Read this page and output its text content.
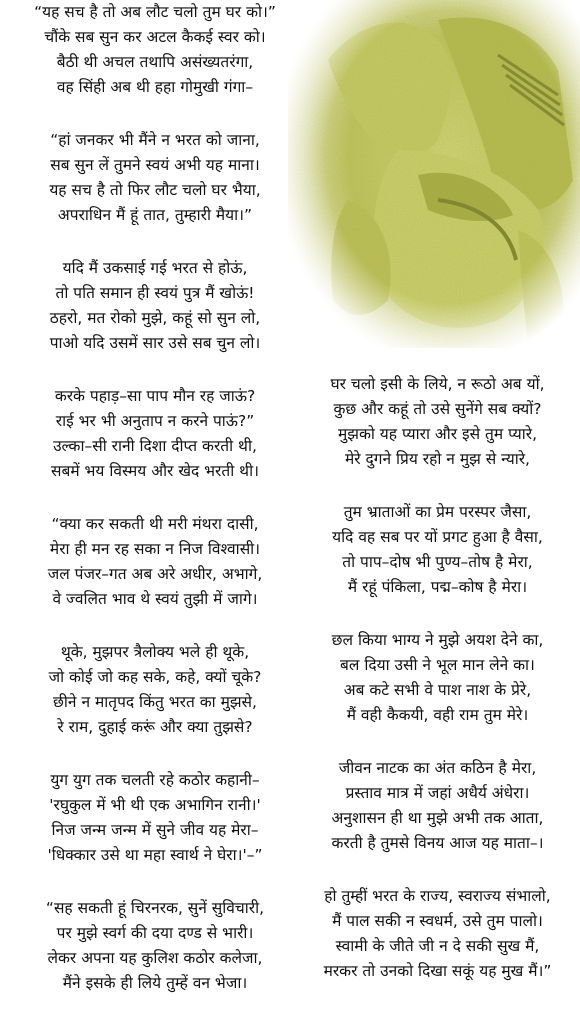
“यह सच है तो अब लौट चलो तुम घर को।”
चौंके सब सुन कर अटल कैकई स्वर को।
बैठी थी अचल तथापि असंख्यतरंगा,
वह सिंही अब थी हहा गोमुखी गंगा–
“हां जनकर भी मैंने न भरत को जाना,
सब सुन लें तुमने स्वयं अभी यह माना।
यह सच है तो फिर लौट चलो घर भैया,
अपराधिन मैं हूं तात, तुम्हारी मैया।”
यदि मैं उकसाई गई भरत से होऊं,
तो पति समान ही स्वयं पुत्र मैं खोऊं!
ठहरो, मत रोको मुझे, कहूं सो सुन लो,
पाओ यदि उसमें सार उसे सब चुन लो।
करके पहाड़–सा पाप मौन रह जाऊं?
राई भर भी अनुताप न करने पाऊं?”
उल्का–सी रानी दिशा दीप्त करती थी,
सबमें भय विस्मय और खेद भरती थी।
“क्या कर सकती थी मरी मंथरा दासी,
मेरा ही मन रह सका न निज विश्वासी।
जल पंजर–गत अब अरे अधीर, अभागे,
वे ज्वलित भाव थे स्वयं तुझी में जागे।
थूके, मुझपर त्रैलोक्य भले ही थूके,
जो कोई जो कह सके, कहे, क्यों चूके?
छीने न मातृपद किंतु भरत का मुझसे,
रे राम, दुहाई करूं और क्या तुझसे?
युग युग तक चलती रहे कठोर कहानी–
'रघुकुल में भी थी एक अभागिन रानी।'
निज जन्म जन्म में सुने जीव यह मेरा–
'धिक्कार उसे था महा स्वार्थ ने घेरा।'–”
“सह सकती हूं चिरनरक, सुनें सुविचारी,
पर मुझे स्वर्ग की दया दण्ड से भारी।
लेकर अपना यह कुलिश कठोर कलेजा,
मैंने इसके ही लिये तुम्हें वन भेजा।
घर चलो इसी के लिये, न रूठो अब यों,
कुछ और कहूं तो उसे सुनेंगे सब क्यों?
मुझको यह प्यारा और इसे तुम प्यारे,
मेरे दुगने प्रिय रहो न मुझ से न्यारे,
तुम भ्राताओं का प्रेम परस्पर जैसा,
यदि वह सब पर यों प्रगट हुआ है वैसा,
तो पाप–दोष भी पुण्य–तोष है मेरा,
मैं रहूं पंकिला, पद्म–कोष है मेरा।
छल किया भाग्य ने मुझे अयश देने का,
बल दिया उसी ने भूल मान लेने का।
अब कटे सभी वे पाश नाश के प्रेरे,
मैं वही कैकयी, वही राम तुम मेरे।
जीवन नाटक का अंत कठिन है मेरा,
प्रस्ताव मात्र में जहां अधैर्य अंधेरा।
अनुशासन ही था मुझे अभी तक आता,
करती है तुमसे विनय आज यह माता–।
हो तुम्हीं भरत के राज्य, स्वराज्य संभालो,
मैं पाल सकी न स्वधर्म, उसे तुम पालो।
स्वामी के जीते जी न दे सकी सुख मैं,
मरकर तो उनको दिखा सकूं यह मुख मैं।”
